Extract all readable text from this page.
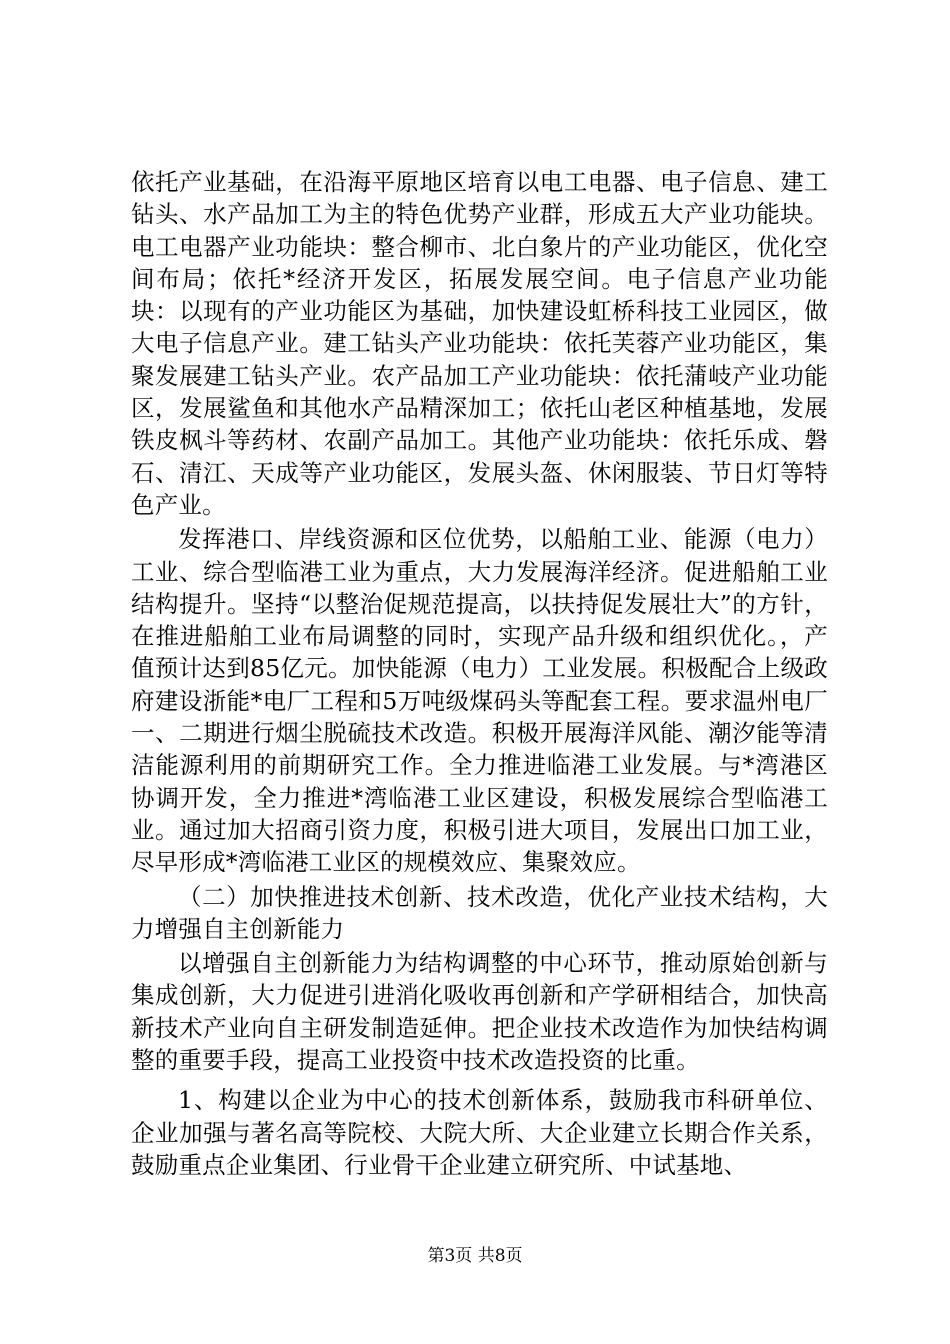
依托产业基础，在沿海平原地区培育以电工电器、电子信息、建工钻头、水产品加工为主的特色优势产业群，形成五大产业功能块。电工电器产业功能块：整合柳市、北白象片的产业功能区，优化空间布局；依托*经济开发区，拓展发展空间。电子信息产业功能块：以现有的产业功能区为基础，加快建设虹桥科技工业园区，做大电子信息产业。建工钻头产业功能块：依托芙蓉产业功能区，集聚发展建工钻头产业。农产品加工产业功能块：依托蒲岐产业功能区，发展鲨鱼和其他水产品精深加工；依托山老区种植基地，发展铁皮枫斗等药材、农副产品加工。其他产业功能块：依托乐成、磐石、清江、天成等产业功能区，发展头盔、休闲服装、节日灯等特色产业。

发挥港口、岸线资源和区位优势，以船舶工业、能源（电力）工业、综合型临港工业为重点，大力发展海洋经济。促进船舶工业结构提升。坚持“以整治促规范提高，以扶持促发展壮大”的方针，在推进船舶工业布局调整的同时，实现产品升级和组织优化。，产值预计达到85亿元。加快能源（电力）工业发展。积极配合上级政府建设浙能*电厂工程和5万吨级煤码头等配套工程。要求温州电厂一、二期进行烟尘脱硫技术改造。积极开展海洋风能、潮汐能等清洁能源利用的前期研究工作。全力推进临港工业发展。与*湾港区协调开发，全力推进*湾临港工业区建设，积极发展综合型临港工业。通过加大招商引资力度，积极引进大项目，发展出口加工业，尽早形成*湾临港工业区的规模效应、集聚效应。

（二）加快推进技术创新、技术改造，优化产业技术结构，大力增强自主创新能力

以增强自主创新能力为结构调整的中心环节，推动原始创新与集成创新，大力促进引进消化吸收再创新和产学研相结合，加快高新技术产业向自主研发制造延伸。把企业技术改造作为加快结构调整的重要手段，提高工业投资中技术改造投资的比重。

1、构建以企业为中心的技术创新体系，鼓励我市科研单位、企业加强与著名高等院校、大院大所、大企业建立长期合作关系，鼓励重点企业集团、行业骨干企业建立研究所、中试基地、

第3页 共8页
